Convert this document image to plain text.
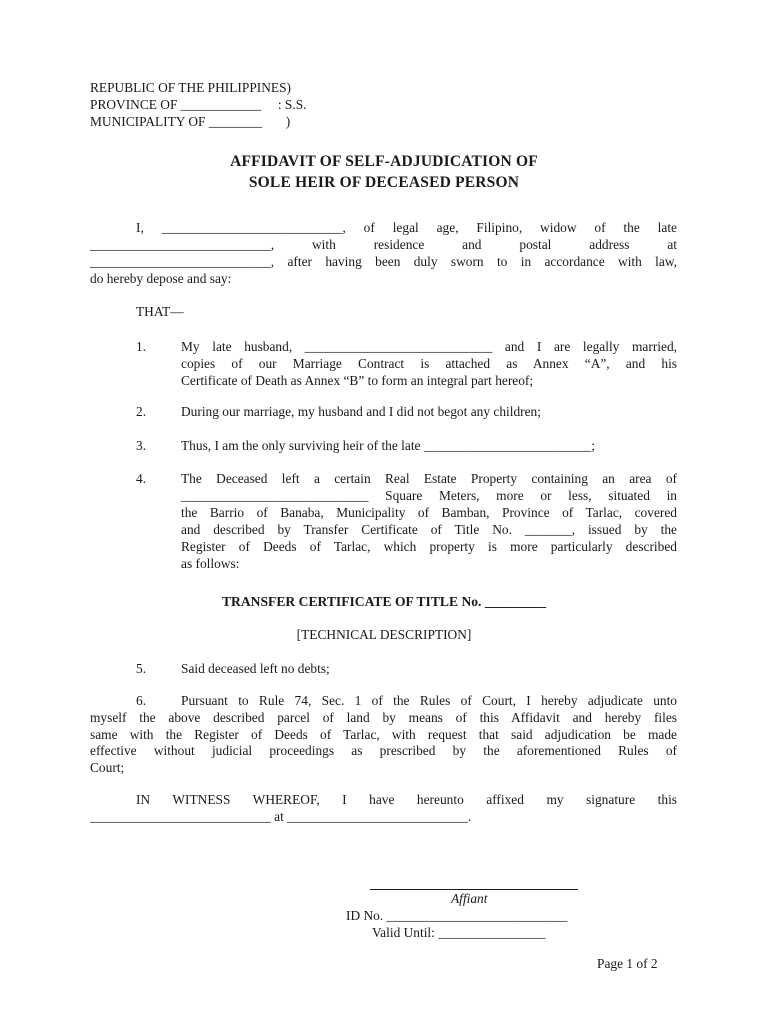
REPUBLIC OF THE PHILIPPINES)
PROVINCE OF ____________     : S.S.
MUNICIPALITY OF ________       )
AFFIDAVIT OF SELF-ADJUDICATION OF
SOLE HEIR OF DECEASED PERSON
I, ___________________________, of legal age, Filipino, widow of the late
___________________________, with residence and postal address at
___________________________, after having been duly sworn to in accordance with law,
do hereby depose and say:
THAT—
1.	My late husband, ____________________________ and I are legally married,
copies of our Marriage Contract is attached as Annex “A”, and his
Certificate of Death as Annex “B” to form an integral part hereof;
2.	During our marriage, my husband and I did not begot any children;
3.	Thus, I am the only surviving heir of the late _________________________;
4.	The Deceased left a certain Real Estate Property containing an area of
____________________________ Square Meters, more or less, situated in
the Barrio of Banaba, Municipality of Bamban, Province of Tarlac, covered
and described by Transfer Certificate of Title No. _______, issued by the
Register of Deeds of Tarlac, which property is more particularly described
as follows:
TRANSFER CERTIFICATE OF TITLE No. _________
[TECHNICAL DESCRIPTION]
5.	Said deceased left no debts;
6.	Pursuant to Rule 74, Sec. 1 of the Rules of Court, I hereby adjudicate unto
myself the above described parcel of land by means of this Affidavit and hereby files
same with the Register of Deeds of Tarlac, with request that said adjudication be made
effective without judicial proceedings as prescribed by the aforementioned Rules of
Court;
IN WITNESS WHEREOF, I have hereunto affixed my signature this
___________________________ at ___________________________.
Affiant
ID No. ___________________________
Valid Until: ________________
Page 1 of 2
